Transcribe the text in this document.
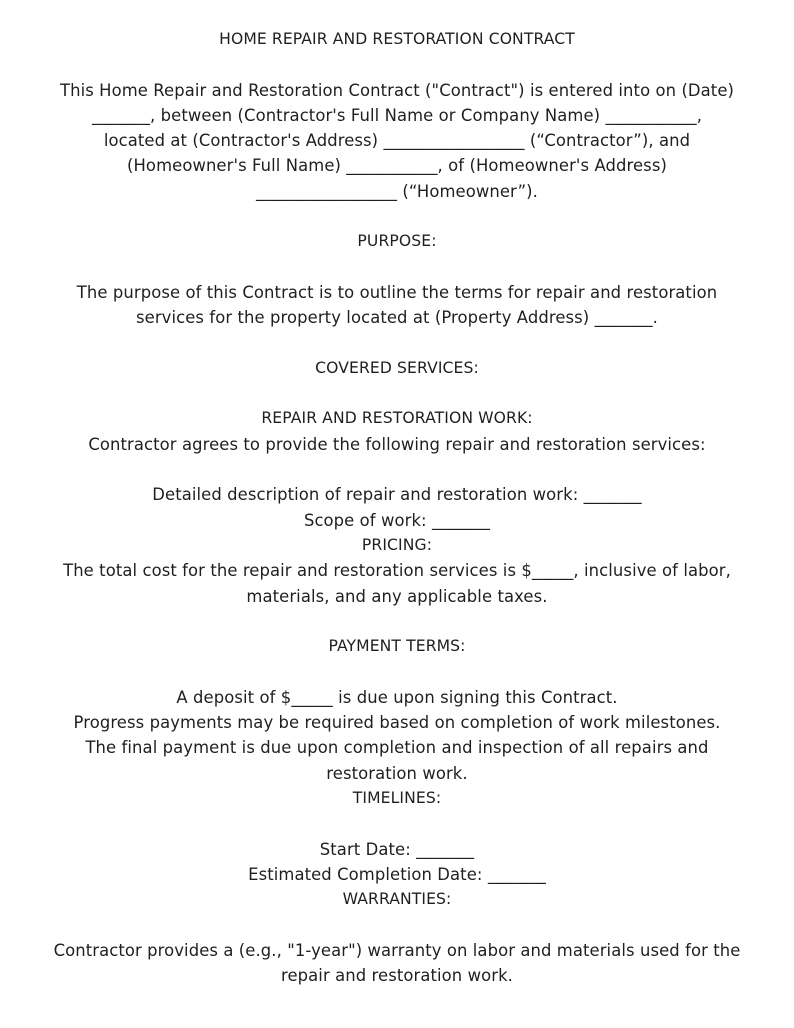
HOME REPAIR AND RESTORATION CONTRACT
This Home Repair and Restoration Contract ("Contract") is entered into on (Date)
_______, between (Contractor's Full Name or Company Name) ___________,
located at (Contractor's Address) _________________ (“Contractor”), and
(Homeowner's Full Name) ___________, of (Homeowner's Address)
_________________ (“Homeowner”).
PURPOSE:
The purpose of this Contract is to outline the terms for repair and restoration
services for the property located at (Property Address) _______.
COVERED SERVICES:
REPAIR AND RESTORATION WORK:
Contractor agrees to provide the following repair and restoration services:
Detailed description of repair and restoration work: _______
Scope of work: _______
PRICING:
The total cost for the repair and restoration services is $_____, inclusive of labor,
materials, and any applicable taxes.
PAYMENT TERMS:
A deposit of $_____ is due upon signing this Contract.
Progress payments may be required based on completion of work milestones.
The final payment is due upon completion and inspection of all repairs and
restoration work.
TIMELINES:
Start Date: _______
Estimated Completion Date: _______
WARRANTIES:
Contractor provides a (e.g., "1-year") warranty on labor and materials used for the
repair and restoration work.
